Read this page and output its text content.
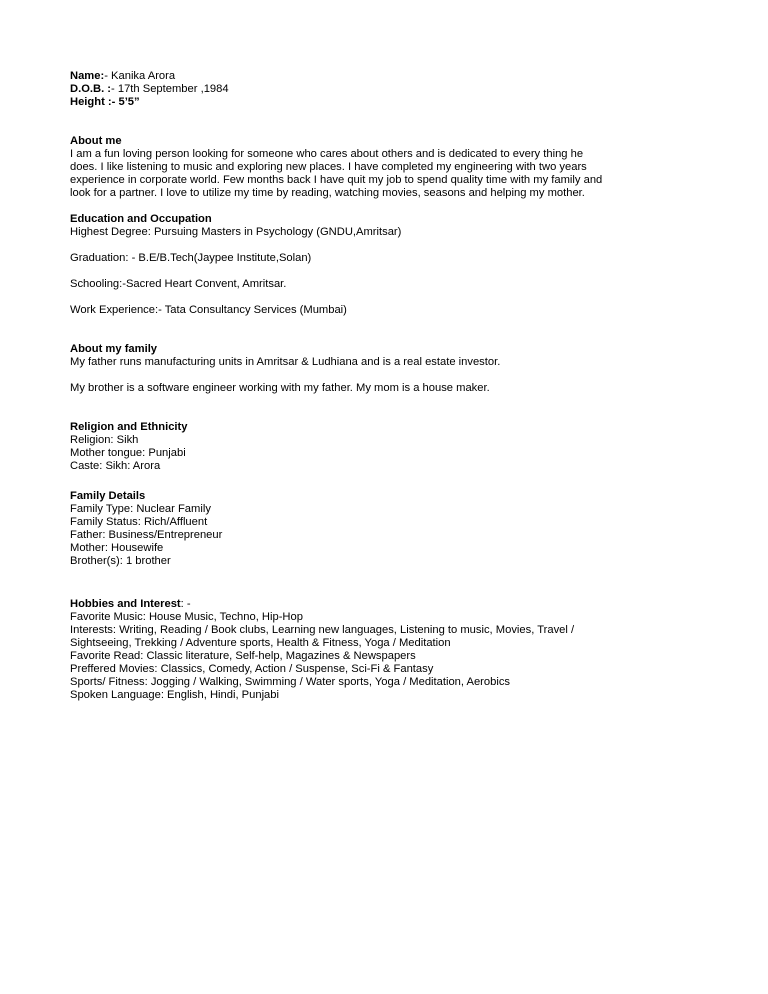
Name:- Kanika Arora
D.O.B. :- 17th September ,1984
Height :- 5’5”
About me
I am a fun loving person looking for someone who cares about others and is dedicated to every thing he
does. I like listening to music and exploring new places. I have completed my engineering with two years
experience in corporate world. Few months back I have quit my job to spend quality time with my family and
look for a partner. I love to utilize my time by reading, watching movies, seasons and helping my mother.
Education and Occupation
Highest Degree: Pursuing Masters in Psychology (GNDU,Amritsar)
Graduation: - B.E/B.Tech(Jaypee Institute,Solan)
Schooling:-Sacred Heart Convent, Amritsar.
Work Experience:- Tata Consultancy Services (Mumbai)
About my family
My father runs manufacturing units in Amritsar & Ludhiana and is a real estate investor.
My brother is a software engineer working with my father. My mom is a house maker.
Religion and Ethnicity
Religion: Sikh
Mother tongue: Punjabi
Caste: Sikh: Arora
Family Details
Family Type: Nuclear Family
Family Status: Rich/Affluent
Father: Business/Entrepreneur
Mother: Housewife
Brother(s): 1 brother
Hobbies and Interest: -
Favorite Music: House Music, Techno, Hip-Hop
Interests: Writing, Reading / Book clubs, Learning new languages, Listening to music, Movies, Travel /
Sightseeing, Trekking / Adventure sports, Health & Fitness, Yoga / Meditation
Favorite Read: Classic literature, Self-help, Magazines & Newspapers
Preffered Movies: Classics, Comedy, Action / Suspense, Sci-Fi & Fantasy
Sports/ Fitness: Jogging / Walking, Swimming / Water sports, Yoga / Meditation, Aerobics
Spoken Language: English, Hindi, Punjabi
